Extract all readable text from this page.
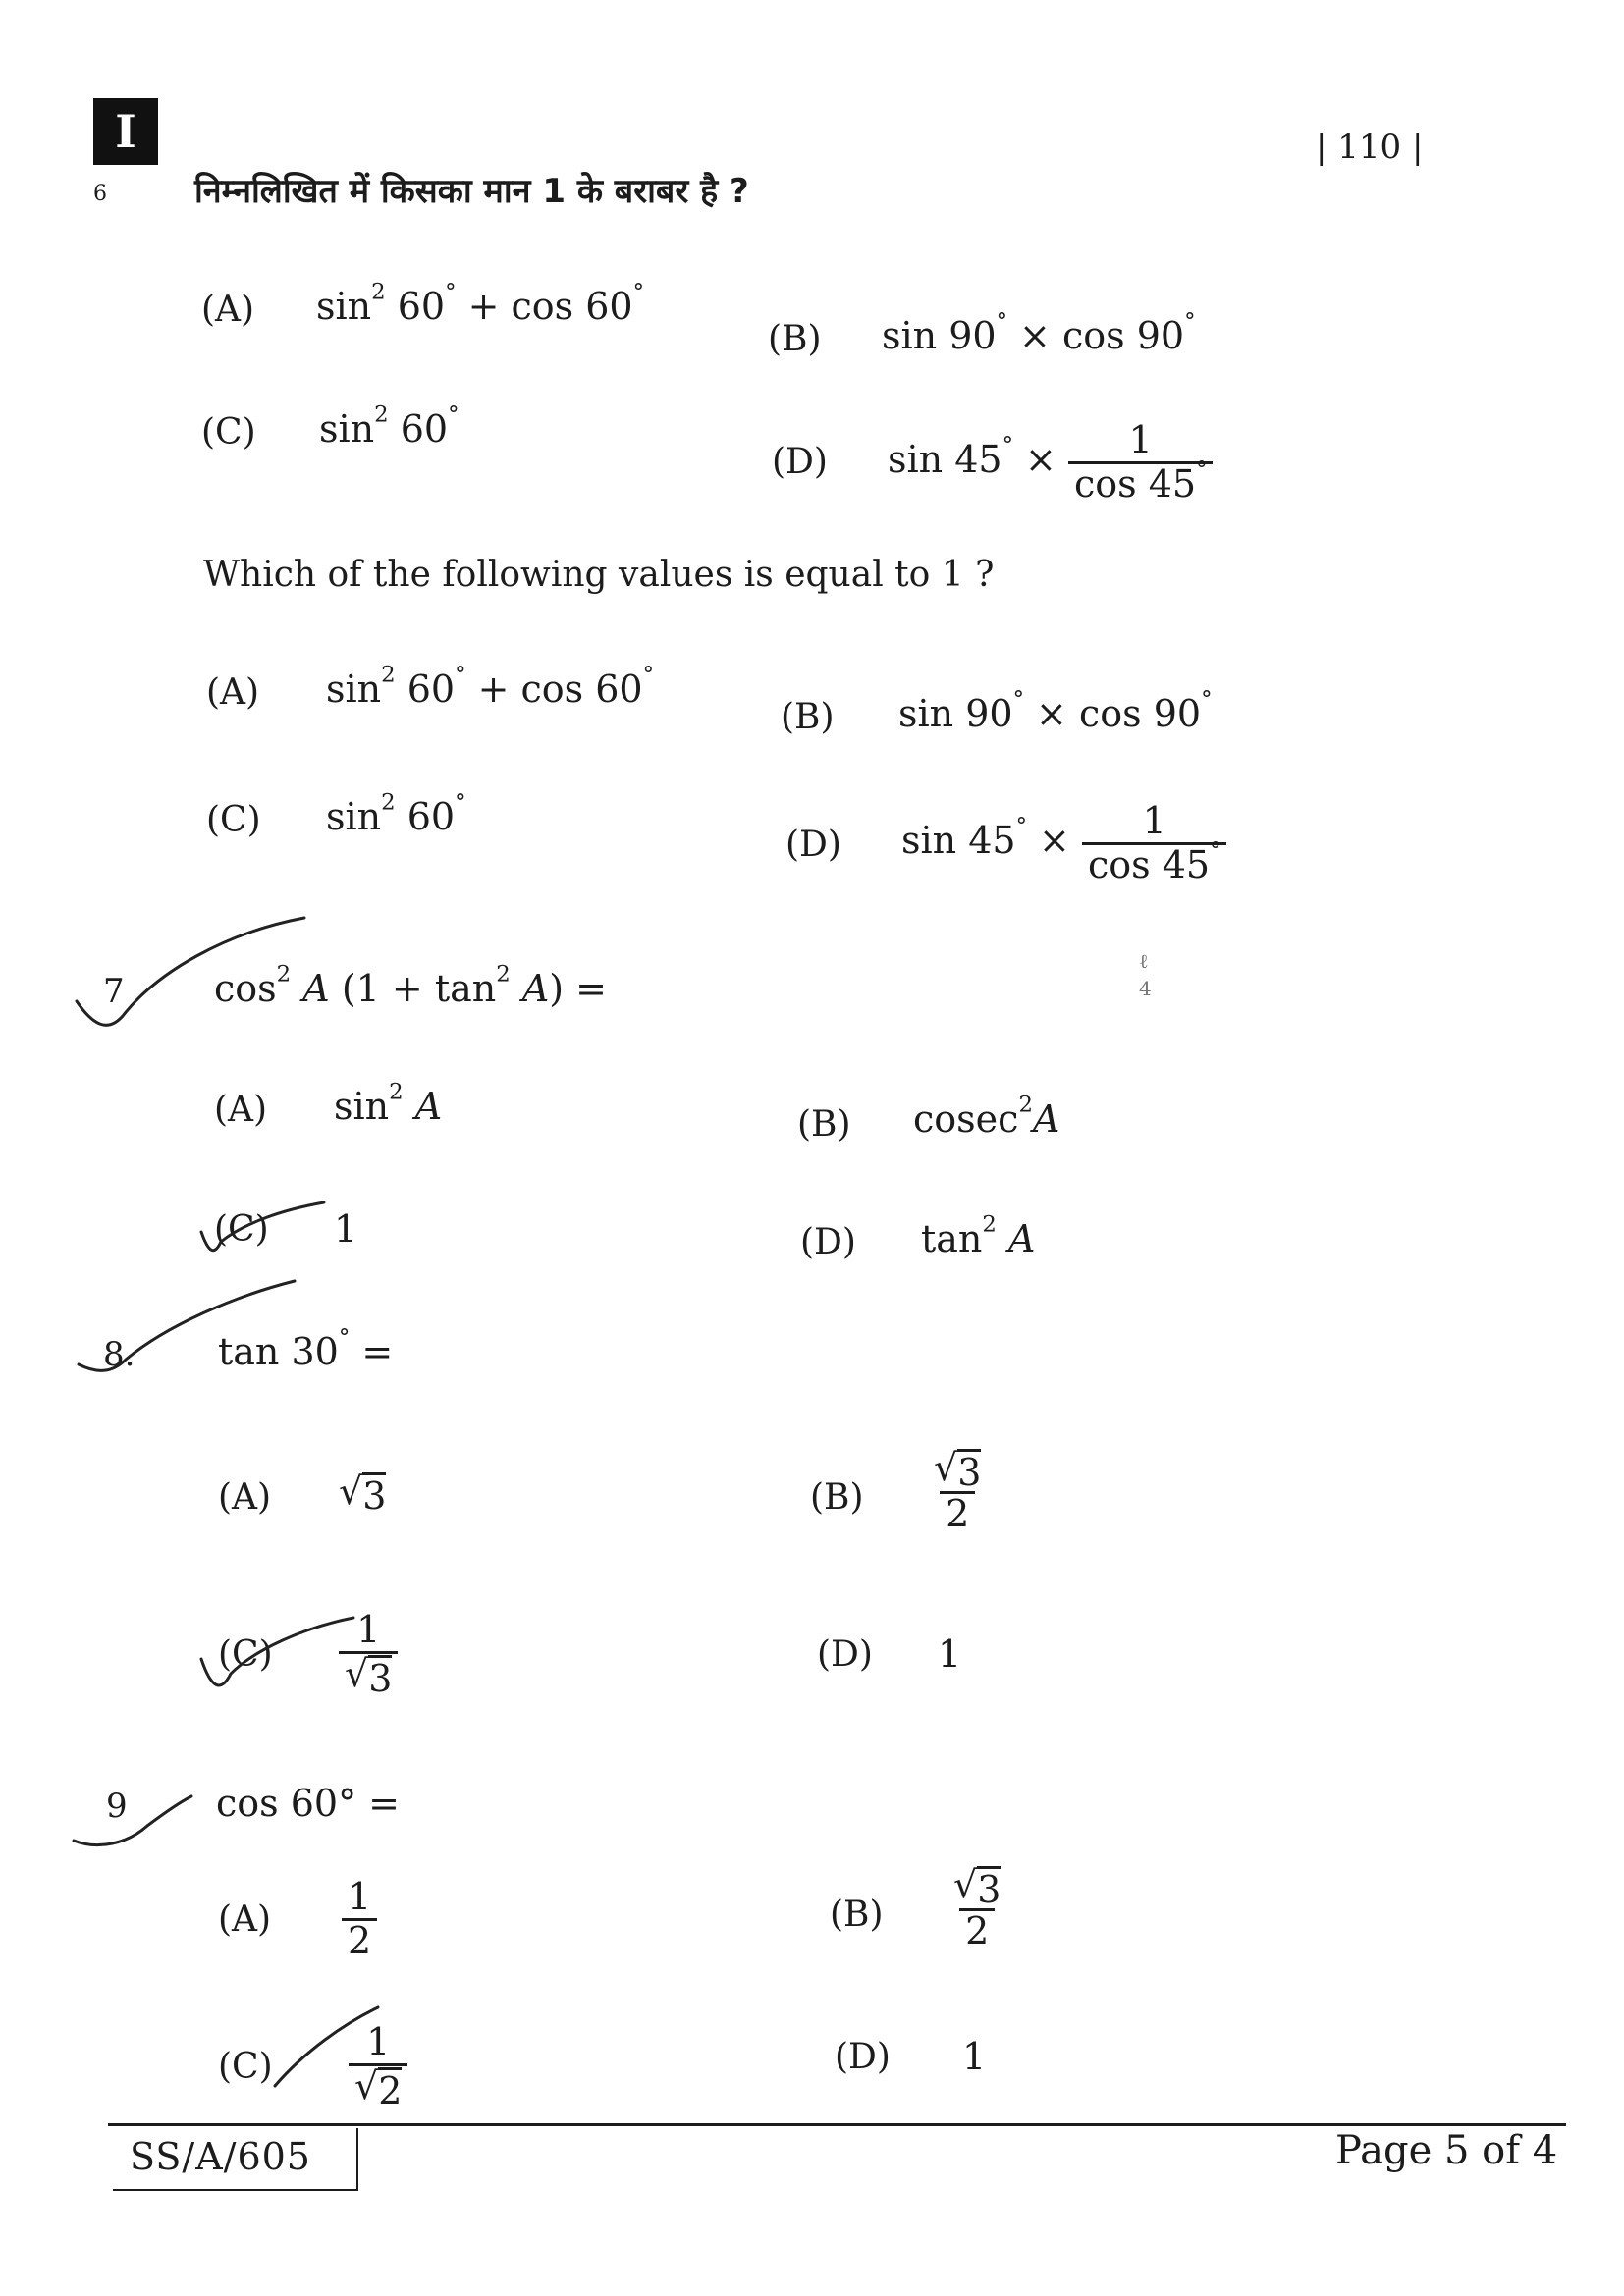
I	| 110 |
6	निम्नलिखित में किसका मान 1 के बराबर है ?
(A) $\sin^2 60^\circ + \cos 60^\circ$
(B) sin 90° × cos 90°
(C) $\sin^2 60^\circ$
(D) $\sin 45^\circ \times \frac{1}{\cos 45^\circ}$
Which of the following values is equal to 1 ?
(A) $\sin^2 60^\circ + \cos 60^\circ$
(B) sin 90° × cos 90°
(C) $\sin^2 60^\circ$
(D) $\sin 45^\circ \times \frac{1}{\cos 45^\circ}$
7 $\cos^2 A$ $(1 + \tan^2 A)$ =
ℓ 4
(A) $\sin^2 A$	(B) cosec$^2$A
(C) 1	(D) $\tan^2 A$
8. tan 30° =
(A) √ 3	$(B) \frac{√ 3}{2}$
$(C) \frac{1}{√ 3}$	(D) 1
9 cos 60° =
$(A) \frac{1}{2}$	$(B) \frac{√ 3}{2}$
$(C) \frac{1}{√ 2}$	(D) 1
SS/A/605	Page 5 of 4
